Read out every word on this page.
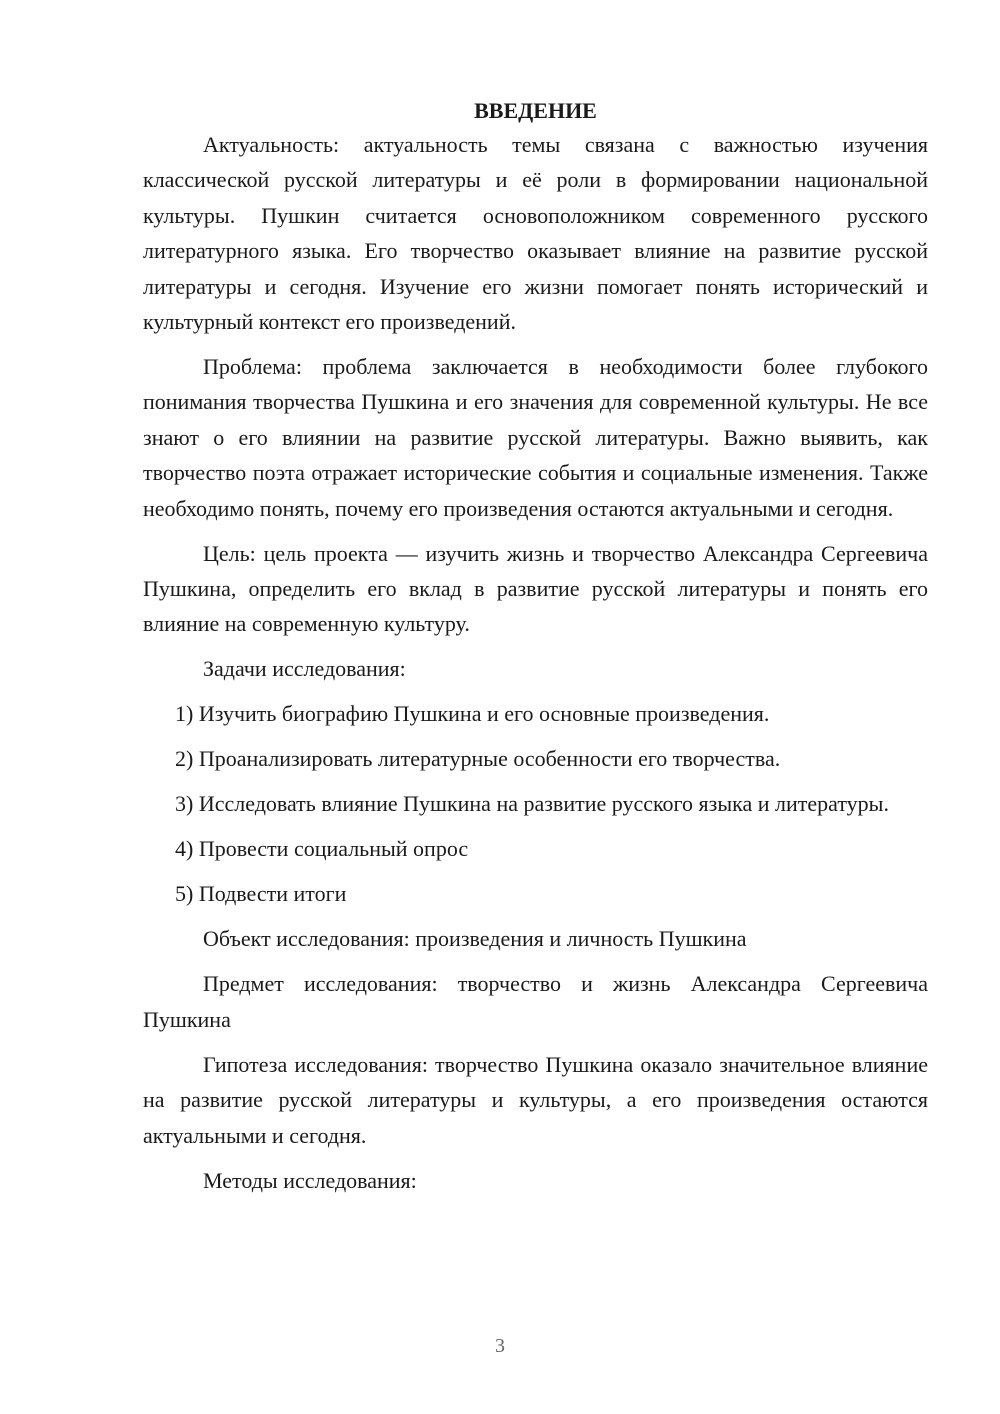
ВВЕДЕНИЕ

Актуальность: актуальность темы связана с важностью изучения классической русской литературы и её роли в формировании национальной культуры. Пушкин считается основоположником современного русского литературного языка. Его творчество оказывает влияние на развитие русской литературы и сегодня. Изучение его жизни помогает понять исторический и культурный контекст его произведений.

Проблема: проблема заключается в необходимости более глубокого понимания творчества Пушкина и его значения для современной культуры. Не все знают о его влиянии на развитие русской литературы. Важно выявить, как творчество поэта отражает исторические события и социальные изменения. Также необходимо понять, почему его произведения остаются актуальными и сегодня.

Цель: цель проекта — изучить жизнь и творчество Александра Сергеевича Пушкина, определить его вклад в развитие русской литературы и понять его влияние на современную культуру.

Задачи исследования:

1) Изучить биографию Пушкина и его основные произведения.

2) Проанализировать литературные особенности его творчества.

3) Исследовать влияние Пушкина на развитие русского языка и литературы.

4) Провести социальный опрос

5) Подвести итоги

Объект исследования: произведения и личность Пушкина

Предмет исследования: творчество и жизнь Александра Сергеевича Пушкина

Гипотеза исследования: творчество Пушкина оказало значительное влияние на развитие русской литературы и культуры, а его произведения остаются актуальными и сегодня.

Методы исследования:

3
